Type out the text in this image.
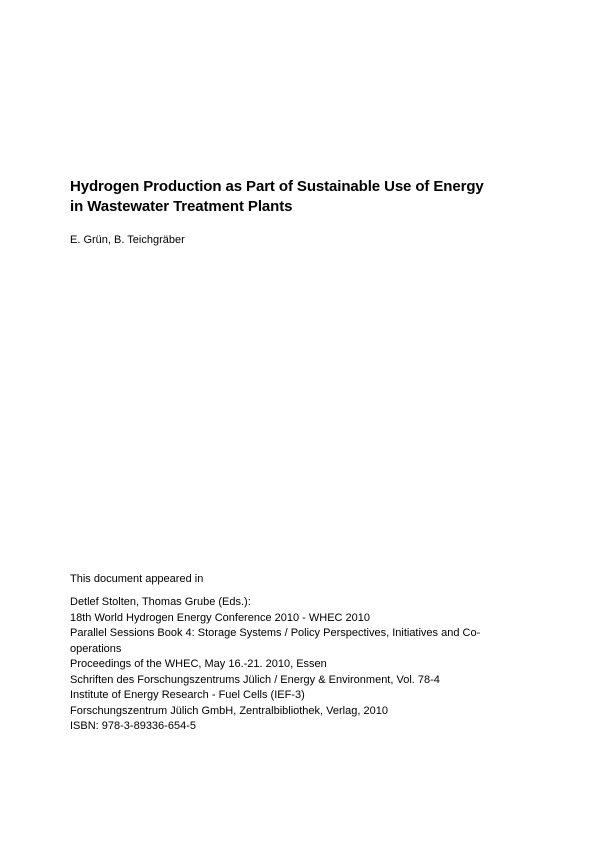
Hydrogen Production as Part of Sustainable Use of Energy
in Wastewater Treatment Plants
E. Grün, B. Teichgräber
This document appeared in
Detlef Stolten, Thomas Grube (Eds.):
18th World Hydrogen Energy Conference 2010 - WHEC 2010
Parallel Sessions Book 4: Storage Systems / Policy Perspectives, Initiatives and Co-
operations
Proceedings of the WHEC, May 16.-21. 2010, Essen
Schriften des Forschungszentrums Jülich / Energy & Environment, Vol. 78-4
Institute of Energy Research - Fuel Cells (IEF-3)
Forschungszentrum Jülich GmbH, Zentralbibliothek, Verlag, 2010
ISBN: 978-3-89336-654-5
